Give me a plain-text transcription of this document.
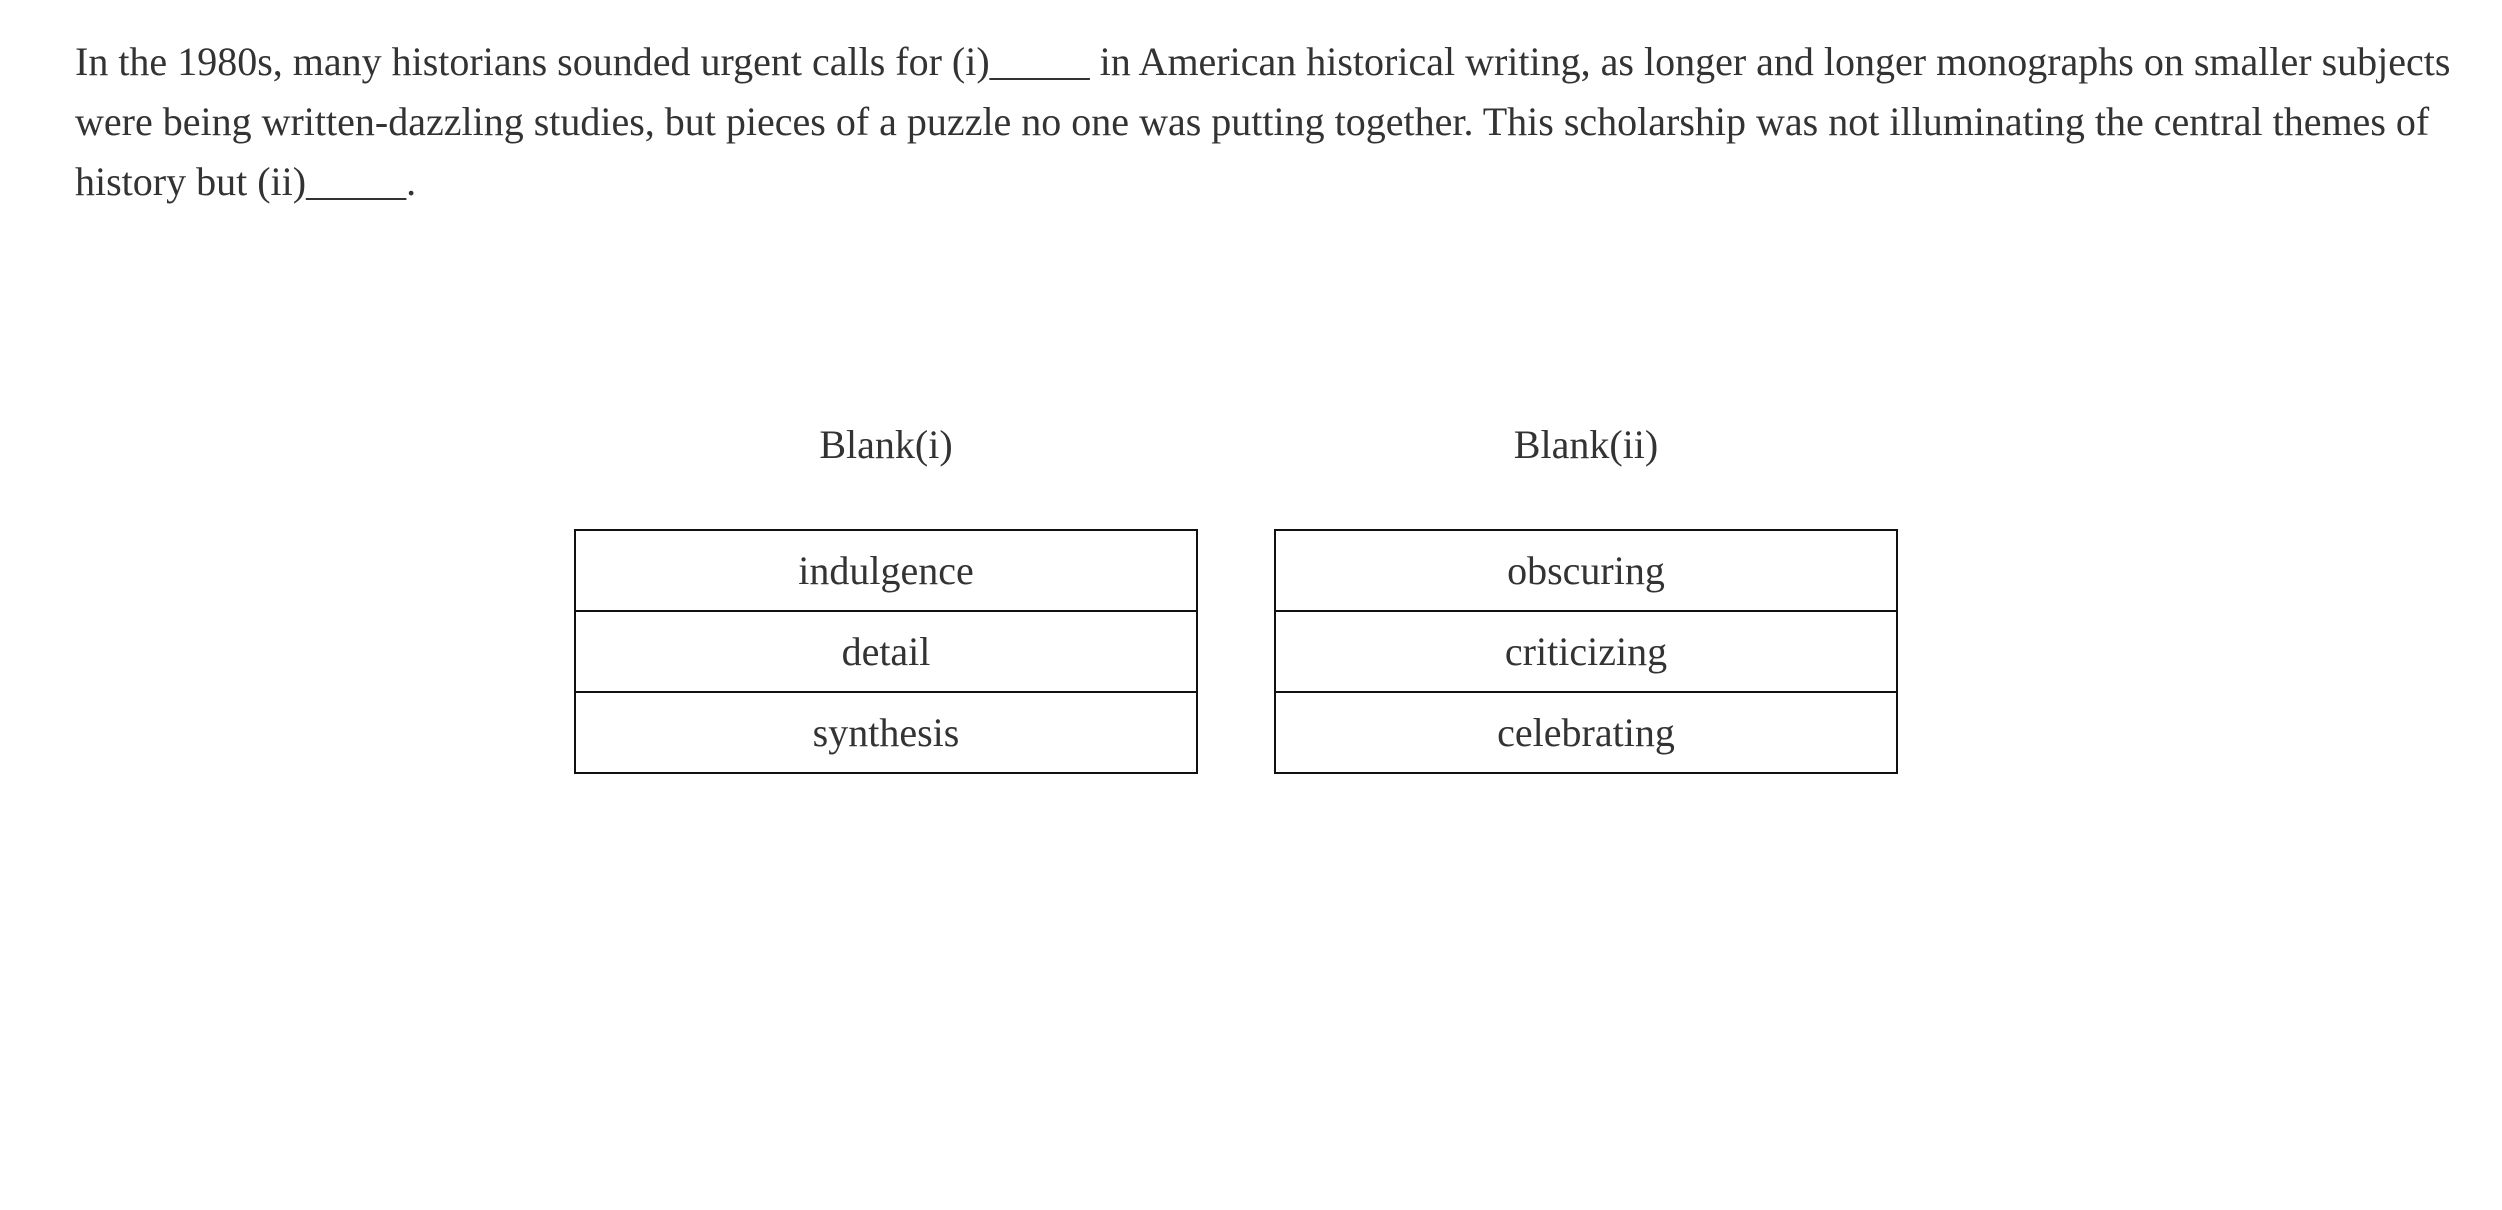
In the 1980s, many historians sounded urgent calls for (i)_____ in American historical writing, as longer and longer monographs on smaller subjects were being written-dazzling studies, but pieces of a puzzle no one was putting together. This scholarship was not illuminating the central themes of history but (ii)_____.

Blank(i)
indulgence
detail
synthesis
Blank(ii)
obscuring
criticizing
celebrating
